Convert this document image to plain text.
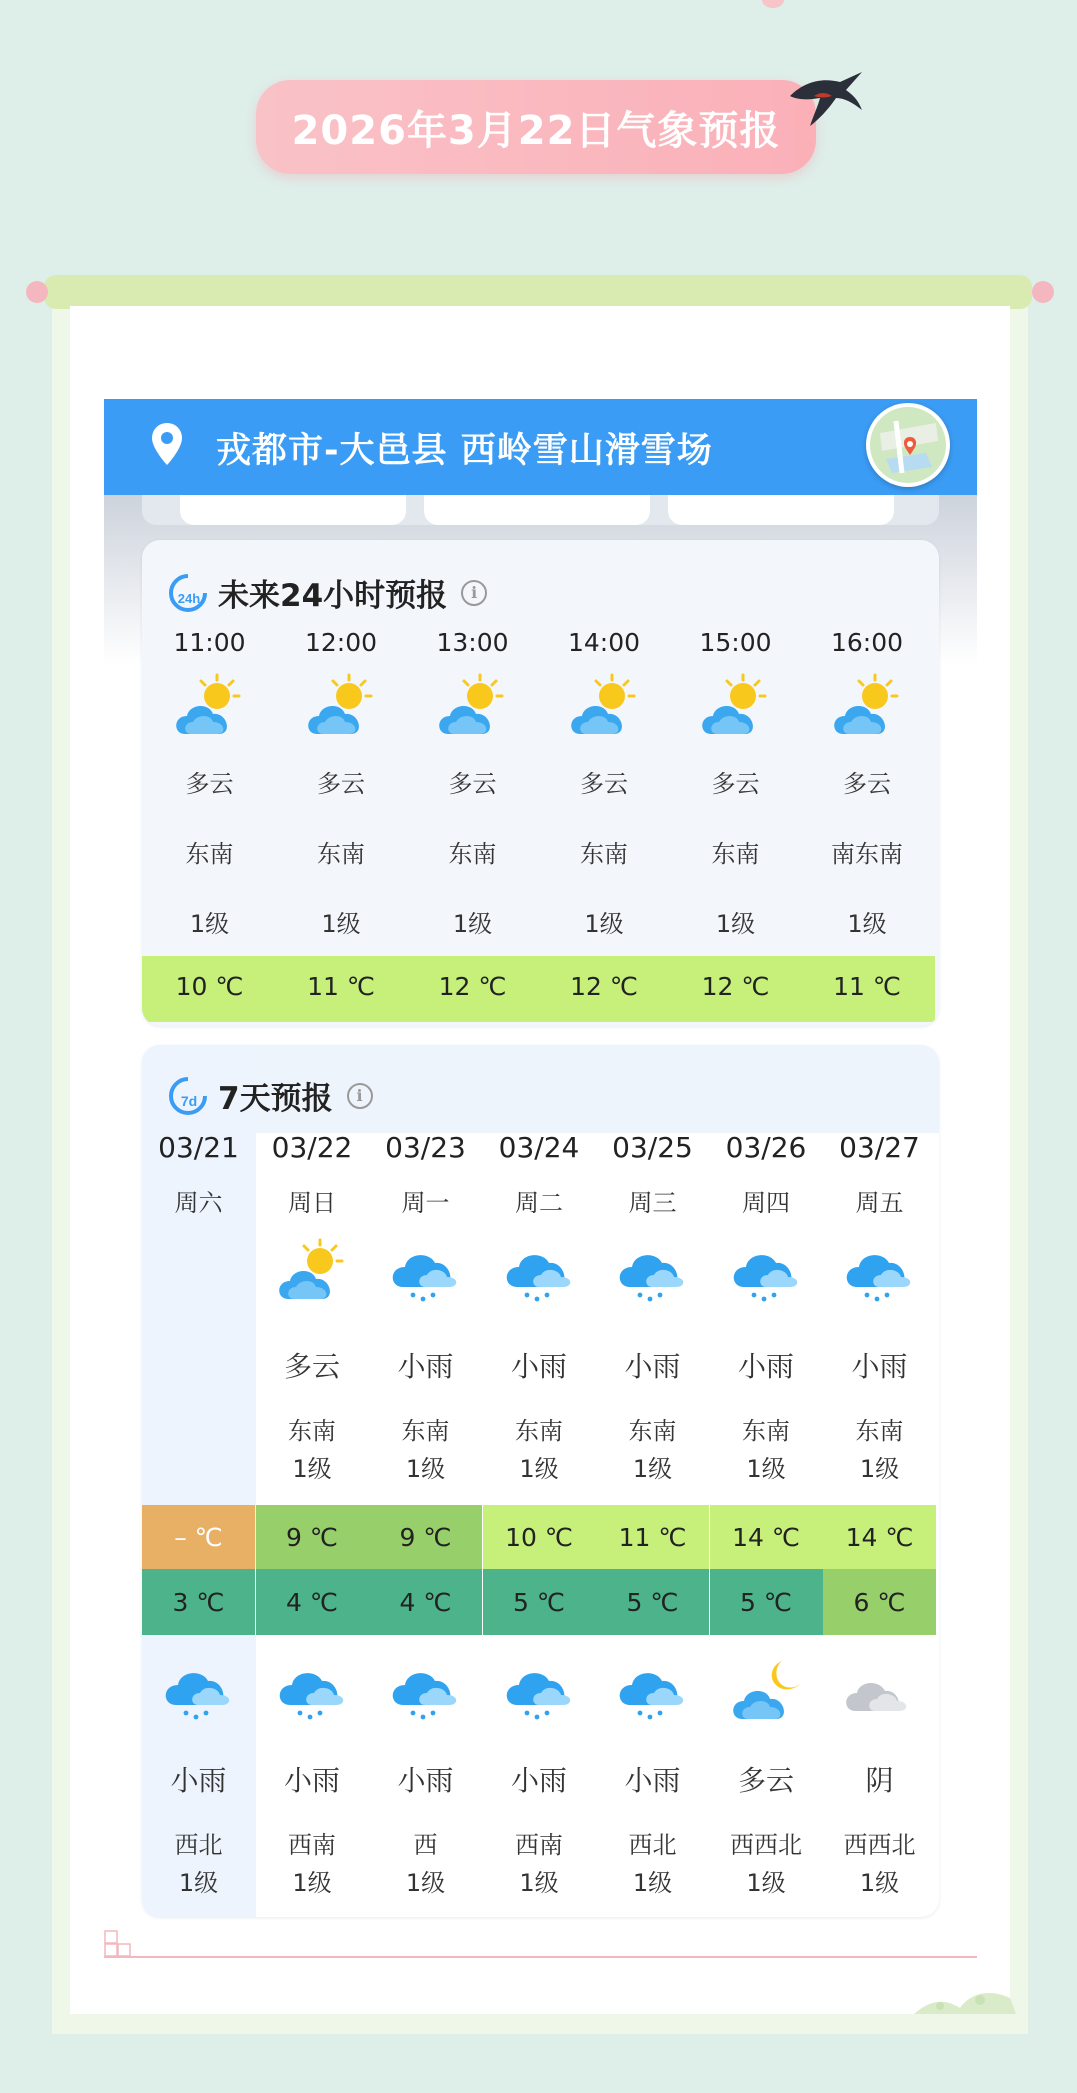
2026年3月22日气象预报
戎都市-大邑县 西岭雪山滑雪场
24h 未来24小时预报	i
11:00
多云
东南
1级
10 ℃
12:00
多云
东南
1级
11 ℃
13:00
多云
东南
1级
12 ℃
14:00
多云
东南
1级
12 ℃
15:00
多云
东南
1级
12 ℃
16:00
多云
南东南
1级
11 ℃
7d 7天预报	i
03/21
周六
– ℃
3 ℃
小雨
西北
1级
03/22
周日
多云
东南
1级
9 ℃
4 ℃
小雨
西南
1级
03/23
周一
小雨
东南
1级
9 ℃
4 ℃
小雨
西
1级
03/24
周二
小雨
东南
1级
10 ℃
5 ℃
小雨
西南
1级
03/25
周三
小雨
东南
1级
11 ℃
5 ℃
小雨
西北
1级
03/26
周四
小雨
东南
1级
14 ℃
5 ℃
多云
西西北
1级
03/27
周五
小雨
东南
1级
14 ℃
6 ℃
阴
西西北
1级
